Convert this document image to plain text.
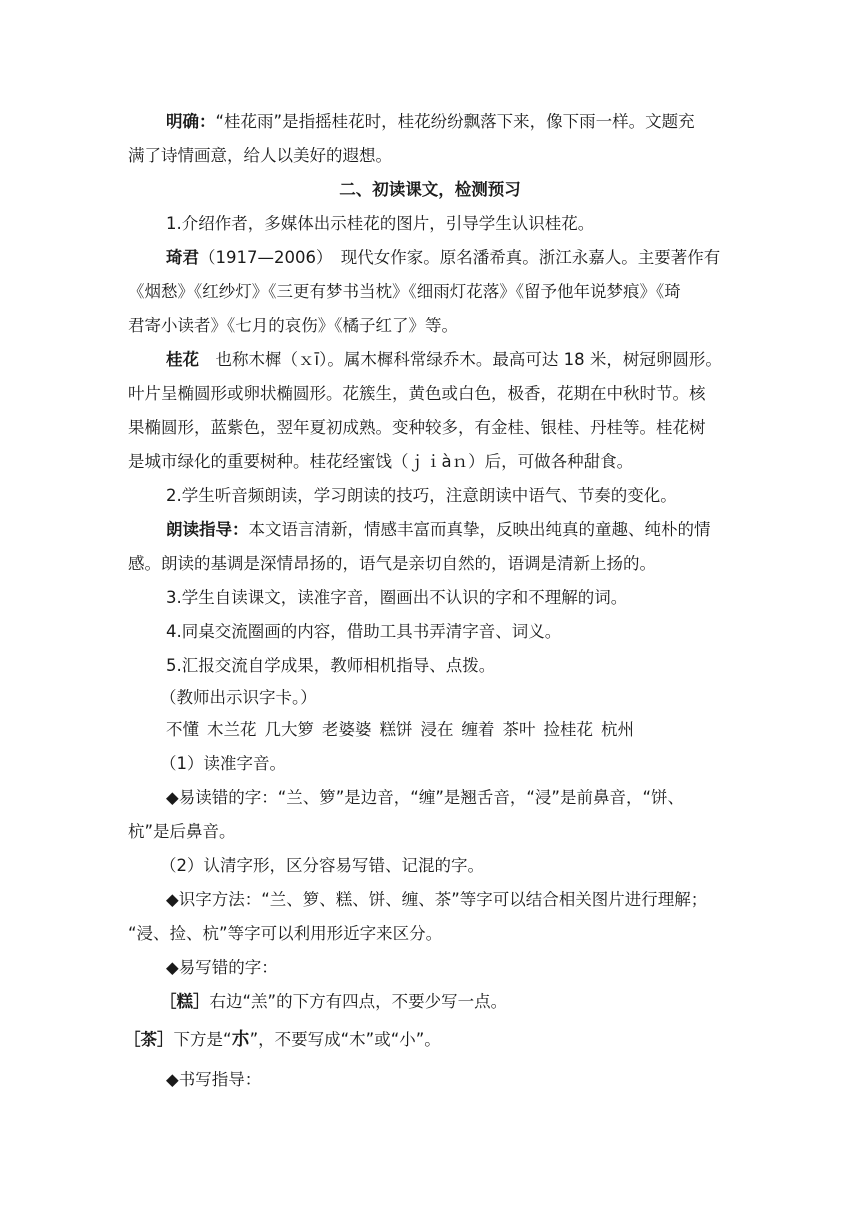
明确：“桂花雨”是指摇桂花时，桂花纷纷飘落下来，像下雨一样。文题充
满了诗情画意，给人以美好的遐想。
二、初读课文，检测预习
1.介绍作者，多媒体出示桂花的图片，引导学生认识桂花。
琦君（1917—2006）　现代女作家。原名潘希真。浙江永嘉人。主要著作有
《烟愁》《红纱灯》《三更有梦书当枕》《细雨灯花落》《留予他年说梦痕》《琦
君寄小读者》《七月的哀伤》《橘子红了》等。
桂花　也称木樨（ｘī）。属木樨科常绿乔木。最高可达 18 米，树冠卵圆形。
叶片呈椭圆形或卵状椭圆形。花簇生，黄色或白色，极香，花期在中秋时节。核
果椭圆形，蓝紫色，翌年夏初成熟。变种较多，有金桂、银桂、丹桂等。桂花树
是城市绿化的重要树种。桂花经蜜饯（ｊｉàｎ）后，可做各种甜食。
2.学生听音频朗读，学习朗读的技巧，注意朗读中语气、节奏的变化。
朗读指导：本文语言清新，情感丰富而真挚，反映出纯真的童趣、纯朴的情
感。朗读的基调是深情昂扬的，语气是亲切自然的，语调是清新上扬的。
3.学生自读课文，读准字音，圈画出不认识的字和不理解的词。
4.同桌交流圈画的内容，借助工具书弄清字音、词义。
5.汇报交流自学成果，教师相机指导、点拨。
（教师出示识字卡。）
不懂 木兰花 几大箩 老婆婆 糕饼 浸在 缠着 茶叶 捡桂花 杭州
（1）读准字音。
◆易读错的字：“兰、箩”是边音，“缠”是翘舌音，“浸”是前鼻音，“饼、
杭”是后鼻音。
（2）认清字形，区分容易写错、记混的字。
◆识字方法：“兰、箩、糕、饼、缠、茶”等字可以结合相关图片进行理解；
“浸、捡、杭”等字可以利用形近字来区分。
◆易写错的字：
［糕］右边“羔”的下方有四点，不要少写一点。
［茶］下方是“朩”，不要写成“木”或“小”。
◆书写指导：
